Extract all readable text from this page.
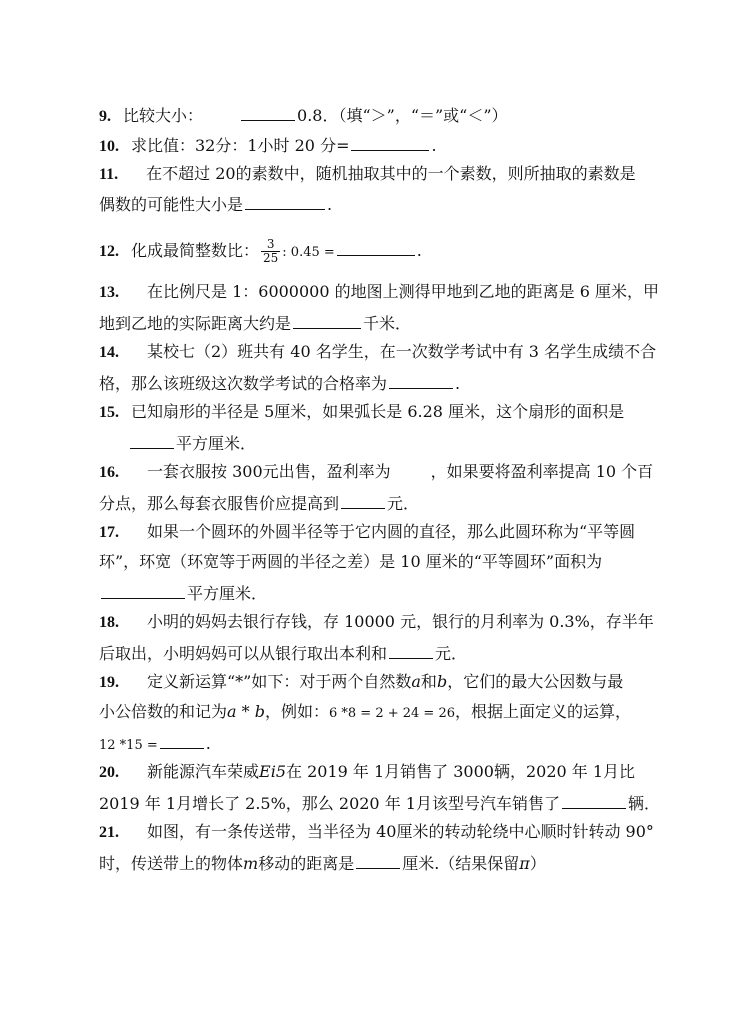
9. 比较大小：	0.8．（填“＞”，“＝”或“＜”）
10. 求比值：32分：1小时 20 分=	.
11. 在不超过 20的素数中，随机抽取其中的一个素数，则所抽取的素数是
偶数的可能性大小是	.
12. 化成最简整数比： $\frac{3}{25}$ : 0.45 =	.
13. 在比例尺是 1：6000000 的地图上测得甲地到乙地的距离是 6 厘米，甲
地到乙地的实际距离大约是	千米．
14. 某校七（2）班共有 40 名学生，在一次数学考试中有 3 名学生成绩不合
格，那么该班级这次数学考试的合格率为	.
15. 已知扇形的半径是 5厘米，如果弧长是 6.28 厘米，这个扇形的面积是
平方厘米．
16. 一套衣服按 300元出售，盈利率为	，如果要将盈利率提高 10 个百
分点，那么每套衣服售价应提高到	元．
17. 如果一个圆环的外圆半径等于它内圆的直径，那么此圆环称为“平等圆
环”，环宽（环宽等于两圆的半径之差）是 10 厘米的“平等圆环”面积为
平方厘米．
18. 小明的妈妈去银行存钱，存 10000 元，银行的月利率为 0.3%，存半年
后取出，小明妈妈可以从银行取出本利和	元．
19. 定义新运算“*”如下：对于两个自然数a和b，它们的最大公因数与最
小公倍数的和记为a * b，例如：6 *8 = 2 + 24 = 26，根据上面定义的运算，
12 *15 =	.
20. 新能源汽车荣威Ei5在 2019 年 1月销售了 3000辆，2020 年 1月比
2019 年 1月增长了 2.5%，那么 2020 年 1月该型号汽车销售了	辆．
21. 如图，有一条传送带，当半径为 40厘米的转动轮绕中心顺时针转动 90°
时，传送带上的物体m移动的距离是	厘米.（结果保留π）
